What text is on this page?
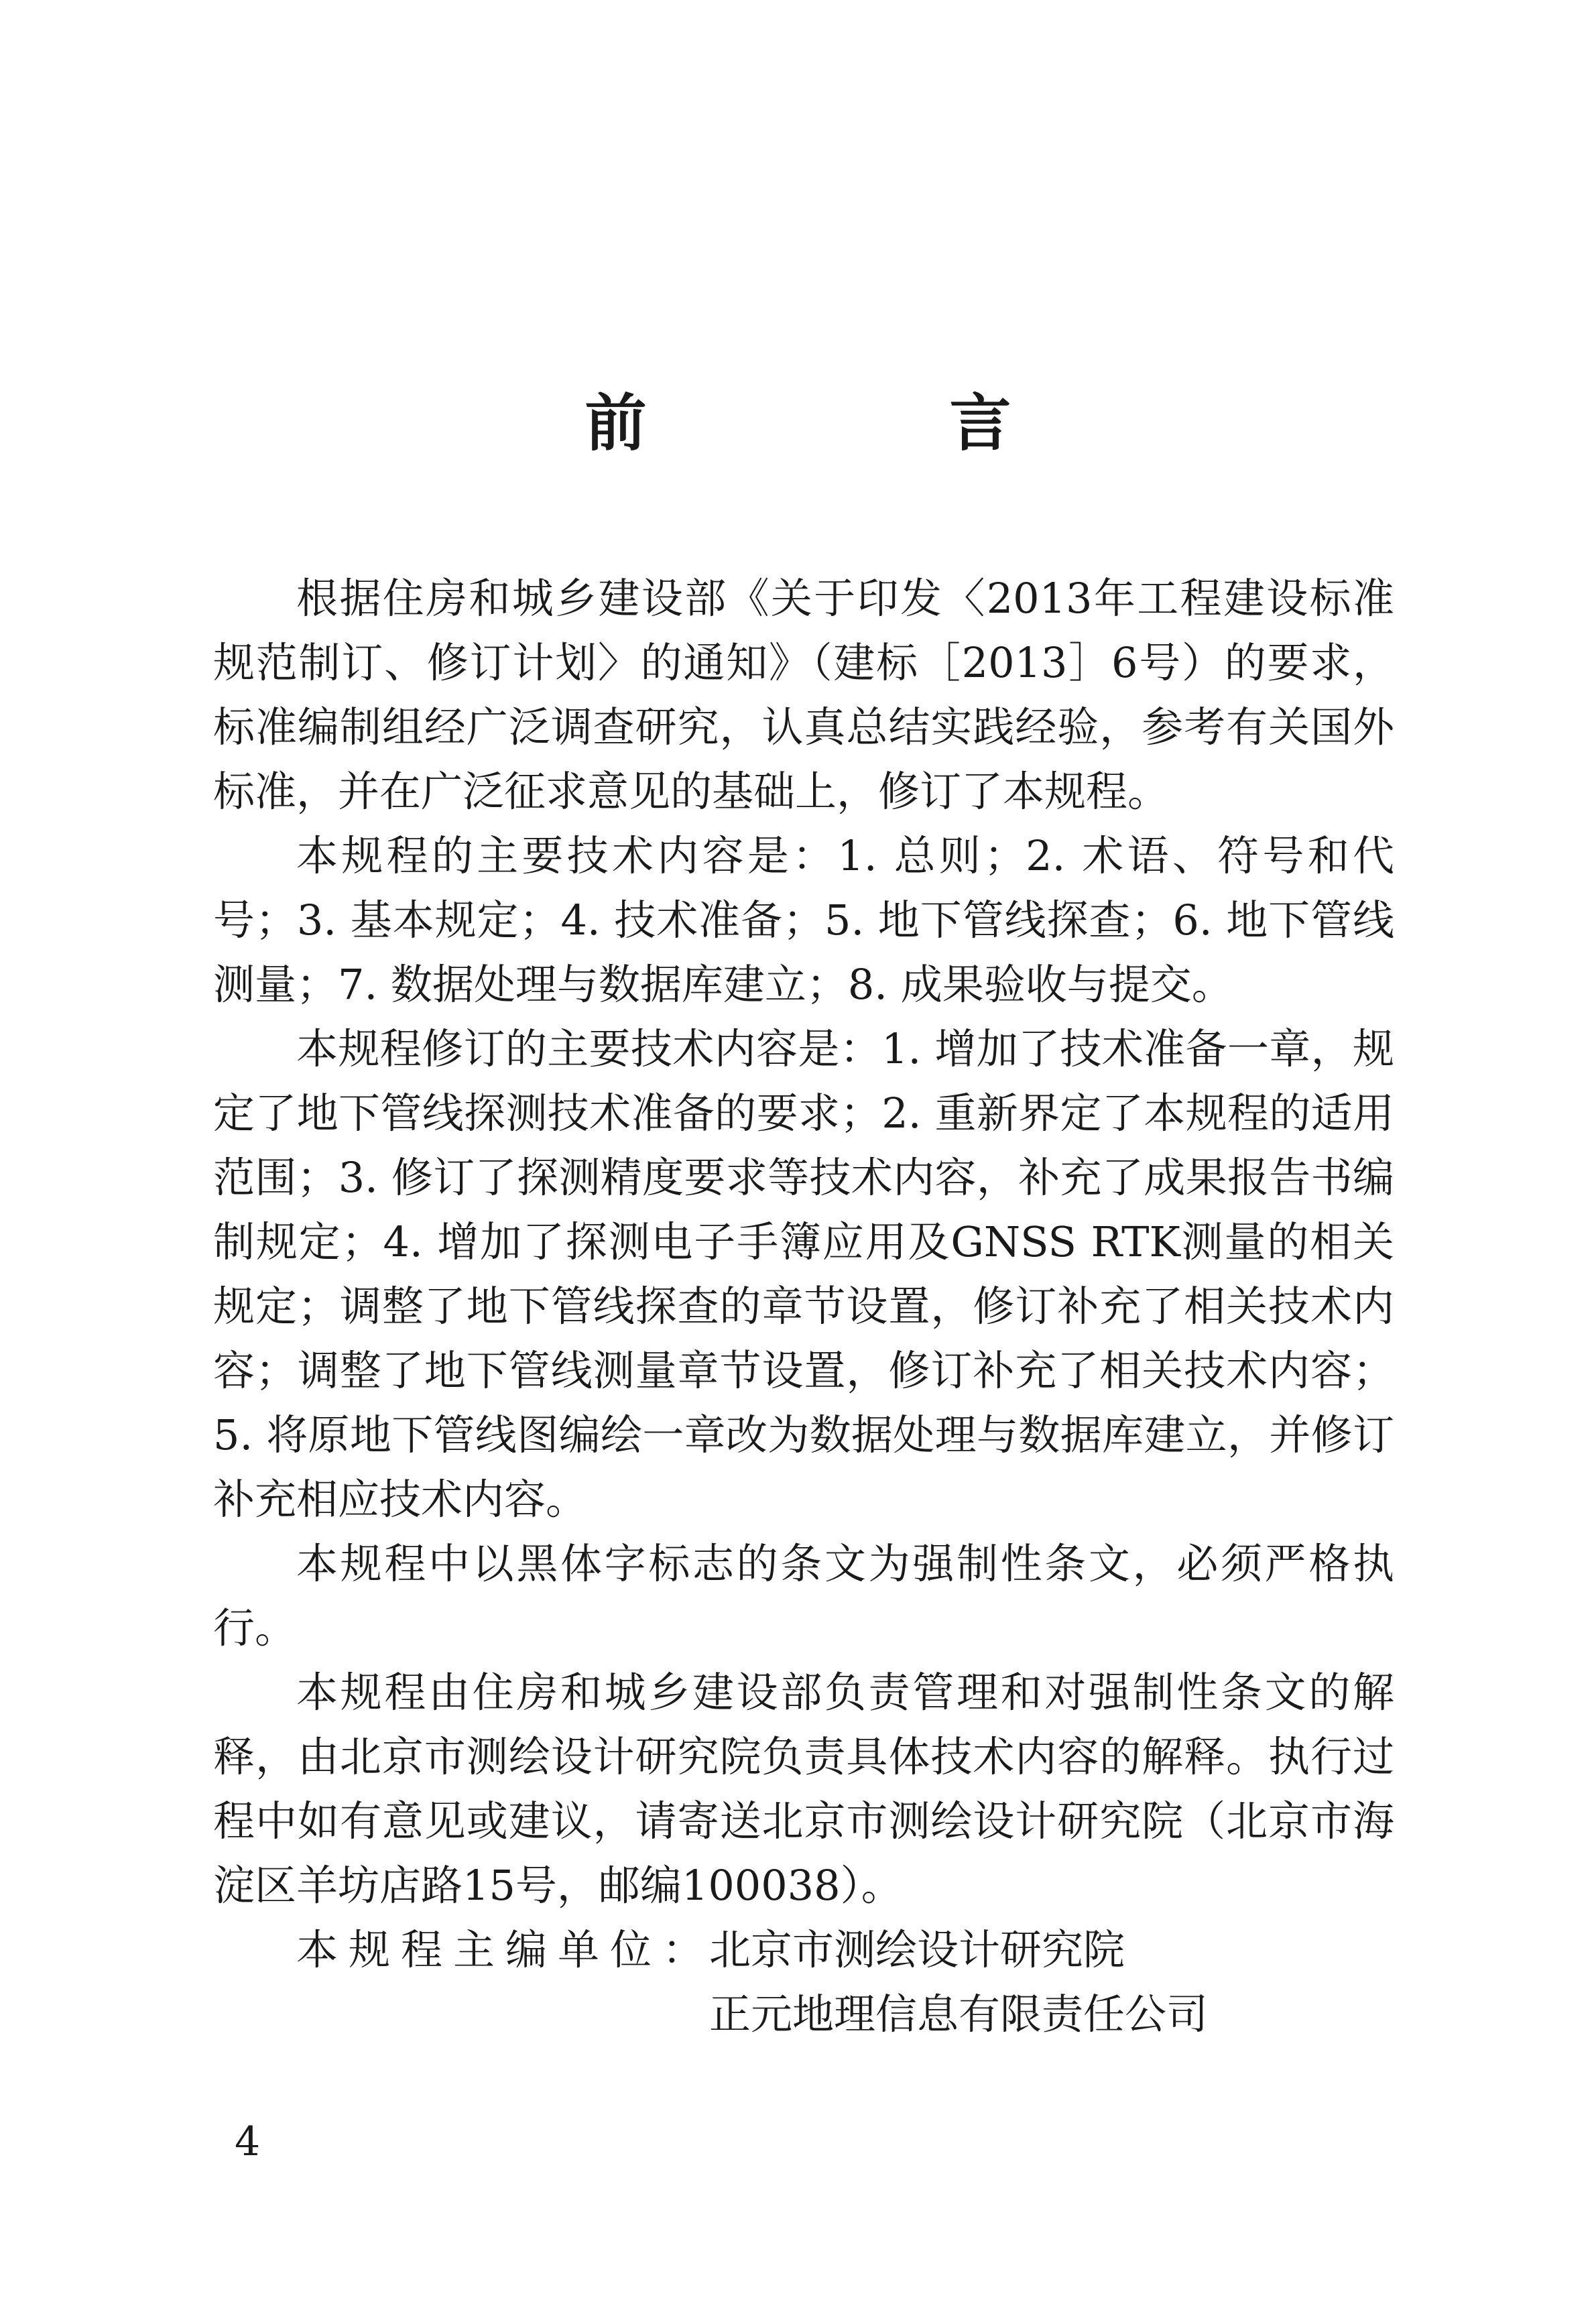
前　言

根据住房和城乡建设部《关于印发〈2013年工程建设标准规范制订、修订计划〉的通知》（建标［2013］6号）的要求，标准编制组经广泛调查研究，认真总结实践经验，参考有关国外标准，并在广泛征求意见的基础上，修订了本规程。

本规程的主要技术内容是：1. 总则；2. 术语、符号和代号；3. 基本规定；4. 技术准备；5. 地下管线探查；6. 地下管线测量；7. 数据处理与数据库建立；8. 成果验收与提交。

本规程修订的主要技术内容是：1. 增加了技术准备一章，规定了地下管线探测技术准备的要求；2. 重新界定了本规程的适用范围；3. 修订了探测精度要求等技术内容，补充了成果报告书编制规定；4. 增加了探测电子手簿应用及GNSS RTK测量的相关规定；调整了地下管线探查的章节设置，修订补充了相关技术内容；调整了地下管线测量章节设置，修订补充了相关技术内容；5. 将原地下管线图编绘一章改为数据处理与数据库建立，并修订补充相应技术内容。

本规程中以黑体字标志的条文为强制性条文，必须严格执行。

本规程由住房和城乡建设部负责管理和对强制性条文的解释，由北京市测绘设计研究院负责具体技术内容的解释。执行过程中如有意见或建议，请寄送北京市测绘设计研究院（北京市海淀区羊坊店路15号，邮编100038）。

本规程主编单位：
北京市测绘设计研究院
正元地理信息有限责任公司
4
